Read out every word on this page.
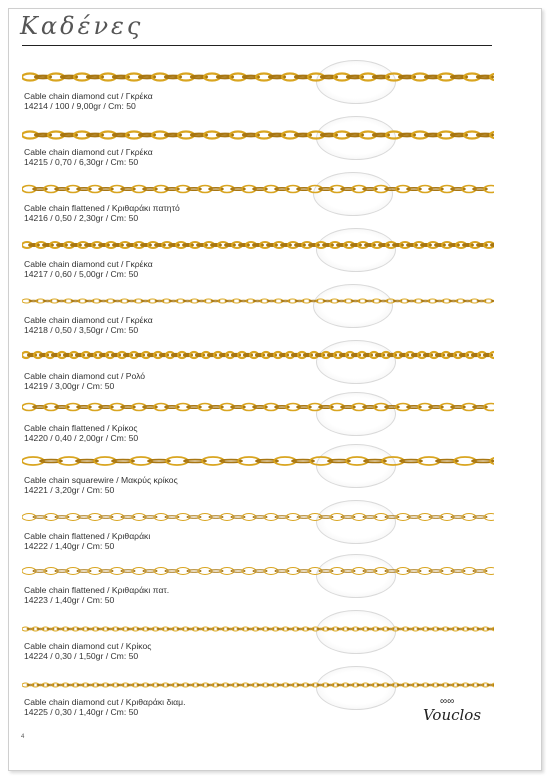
Καδένες
Cable chain diamond cut / Γκρέκα
14214 / 100 / 9,00gr / Cm: 50
Cable chain diamond cut / Γκρέκα
14215 / 0,70 / 6,30gr / Cm: 50
Cable chain flattened / Κριθαράκι πατητό
14216 / 0,50 / 2,30gr / Cm: 50
Cable chain diamond cut / Γκρέκα
14217 / 0,60 / 5,00gr / Cm: 50
Cable chain diamond cut / Γκρέκα
14218 / 0,50 / 3,50gr / Cm: 50
Cable chain diamond cut / Ρολό
14219 / 3,00gr / Cm: 50
Cable chain flattened / Κρίκος
14220 / 0,40 / 2,00gr / Cm: 50
Cable chain squarewire / Μακρύς κρίκος
14221 / 3,20gr / Cm: 50
Cable chain flattened / Κριθαράκι
14222 / 1,40gr / Cm: 50
Cable chain flattened / Κριθαράκι πατ.
14223 / 1,40gr / Cm: 50
Cable chain diamond cut / Κρίκος
14224 / 0,30 / 1,50gr / Cm: 50
Cable chain diamond cut / Κριθαράκι διαμ.
14225 / 0,30 / 1,40gr / Cm: 50
∞∞
Vouclos
4
